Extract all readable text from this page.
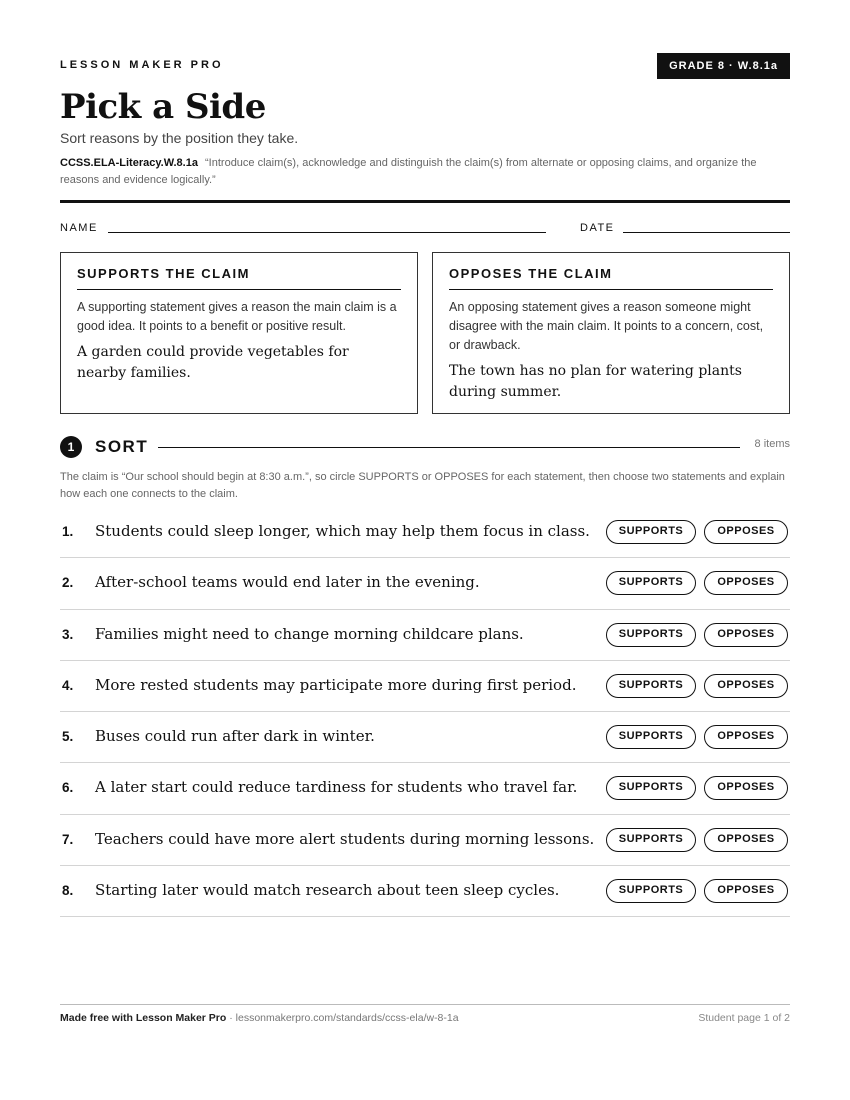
LESSON MAKER PRO	GRADE 8 · W.8.1a
Pick a Side
Sort reasons by the position they take.
CCSS.ELA-Literacy.W.8.1a “Introduce claim(s), acknowledge and distinguish the claim(s) from alternate or opposing claims, and organize the reasons and evidence logically.”
NAME	DATE
SUPPORTS THE CLAIM
A supporting statement gives a reason the main claim is a good idea. It points to a benefit or positive result.
A garden could provide vegetables for nearby families.
OPPOSES THE CLAIM
An opposing statement gives a reason someone might disagree with the main claim. It points to a concern, cost, or drawback.
The town has no plan for watering plants during summer.
1	SORT	8 items
The claim is “Our school should begin at 8:30 a.m.”, so circle SUPPORTS or OPPOSES for each statement, then choose two statements and explain how each one connects to the claim.
1. Students could sleep longer, which may help them focus in class.	SUPPORTS	OPPOSES
2. After-school teams would end later in the evening.	SUPPORTS	OPPOSES
3. Families might need to change morning childcare plans.	SUPPORTS	OPPOSES
4. More rested students may participate more during first period.	SUPPORTS	OPPOSES
5. Buses could run after dark in winter.	SUPPORTS	OPPOSES
6. A later start could reduce tardiness for students who travel far.	SUPPORTS	OPPOSES
7. Teachers could have more alert students during morning lessons.	SUPPORTS	OPPOSES
8. Starting later would match research about teen sleep cycles.	SUPPORTS	OPPOSES
Made free with Lesson Maker Pro · lessonmakerpro.com/standards/ccss-ela/w-8-1a	Student page 1 of 2
